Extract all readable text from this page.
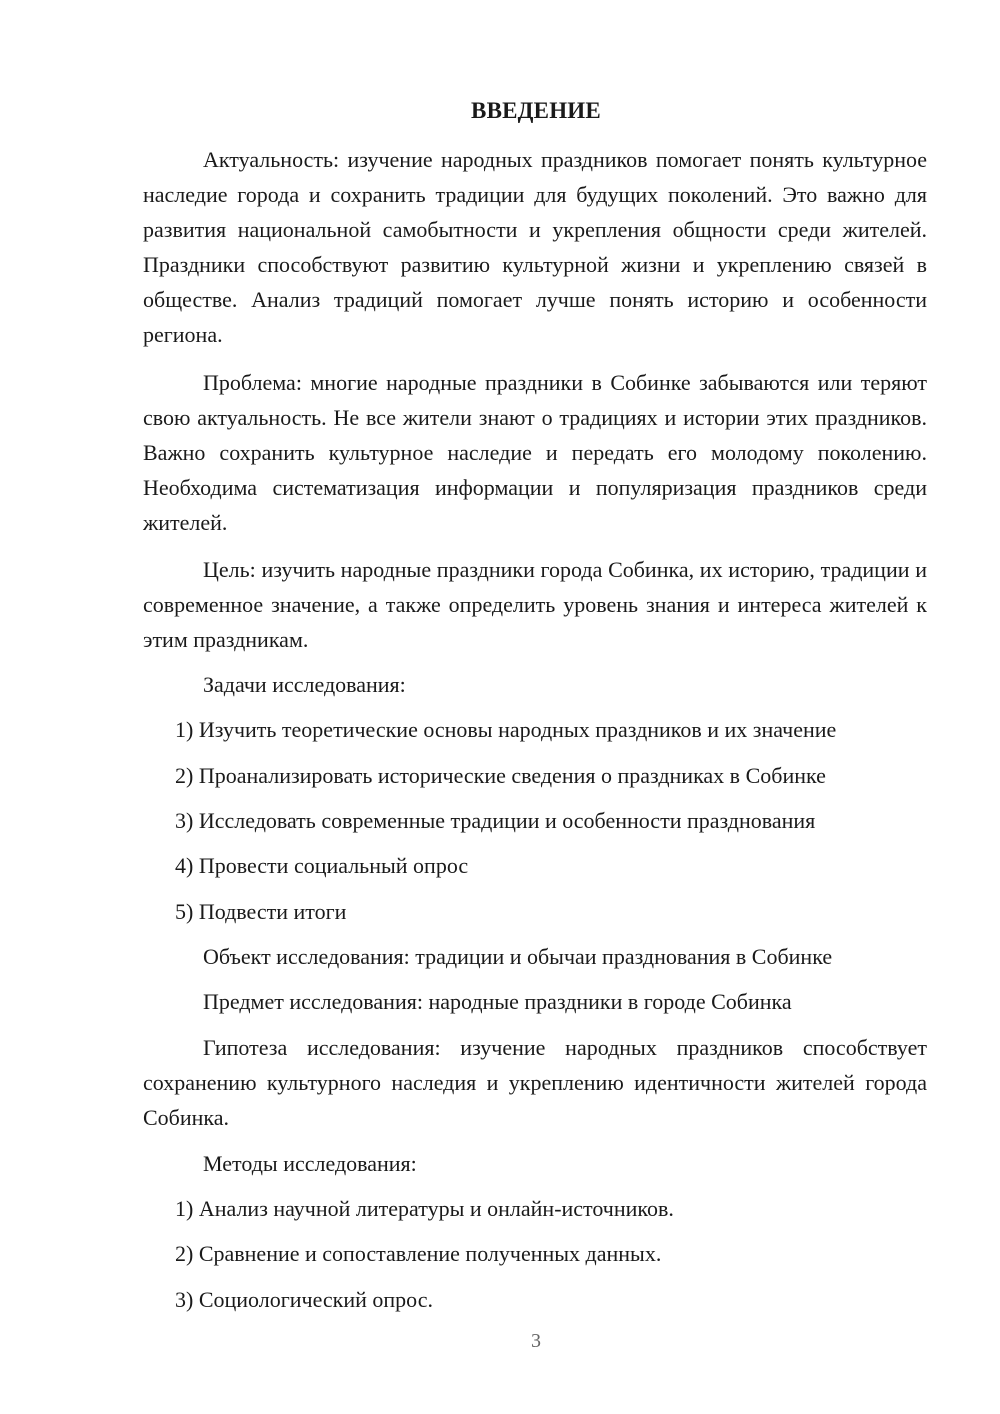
ВВЕДЕНИЕ

Актуальность: изучение народных праздников помогает понять культурное наследие города и сохранить традиции для будущих поколений. Это важно для развития национальной самобытности и укрепления общности среди жителей. Праздники способствуют развитию культурной жизни и укреплению связей в обществе. Анализ традиций помогает лучше понять историю и особенности региона.

Проблема: многие народные праздники в Собинке забываются или теряют свою актуальность. Не все жители знают о традициях и истории этих праздников. Важно сохранить культурное наследие и передать его молодому поколению. Необходима систематизация информации и популяризация праздников среди жителей.

Цель: изучить народные праздники города Собинка, их историю, традиции и современное значение, а также определить уровень знания и интереса жителей к этим праздникам.

Задачи исследования:

1) Изучить теоретические основы народных праздников и их значение

2) Проанализировать исторические сведения о праздниках в Собинке

3) Исследовать современные традиции и особенности празднования

4) Провести социальный опрос

5) Подвести итоги

Объект исследования: традиции и обычаи празднования в Собинке

Предмет исследования: народные праздники в городе Собинка

Гипотеза исследования: изучение народных праздников способствует сохранению культурного наследия и укреплению идентичности жителей города Собинка.

Методы исследования:

1) Анализ научной литературы и онлайн-источников.

2) Сравнение и сопоставление полученных данных.

3) Социологический опрос.

3
